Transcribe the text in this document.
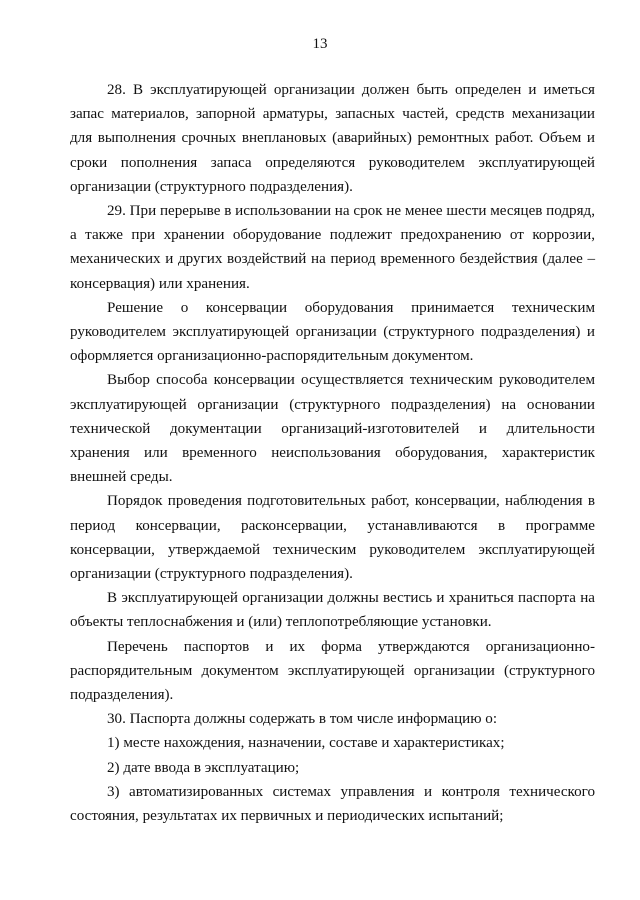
13

28. В эксплуатирующей организации должен быть определен и иметься запас материалов, запорной арматуры, запасных частей, средств механизации для выполнения срочных внеплановых (аварийных) ремонтных работ. Объем и сроки пополнения запаса определяются руководителем эксплуатирующей организации (структурного подразделения).

29. При перерыве в использовании на срок не менее шести месяцев подряд, а также при хранении оборудование подлежит предохранению от коррозии, механических и других воздействий на период временного бездействия (далее – консервация) или хранения.

Решение о консервации оборудования принимается техническим руководителем эксплуатирующей организации (структурного подразделения) и оформляется организационно-распорядительным документом.

Выбор способа консервации осуществляется техническим руководителем эксплуатирующей организации (структурного подразделения) на основании технической документации организаций-изготовителей и длительности хранения или временного неиспользования оборудования, характеристик внешней среды.

Порядок проведения подготовительных работ, консервации, наблюдения в период консервации, расконсервации, устанавливаются в программе консервации, утверждаемой техническим руководителем эксплуатирующей организации (структурного подразделения).

В эксплуатирующей организации должны вестись и храниться паспорта на объекты теплоснабжения и (или) теплопотребляющие установки.

Перечень паспортов и их форма утверждаются организационно-распорядительным документом эксплуатирующей организации (структурного подразделения).

30. Паспорта должны содержать в том числе информацию о:

1) месте нахождения, назначении, составе и характеристиках;

2) дате ввода в эксплуатацию;

3) автоматизированных системах управления и контроля технического состояния, результатах их первичных и периодических испытаний;
